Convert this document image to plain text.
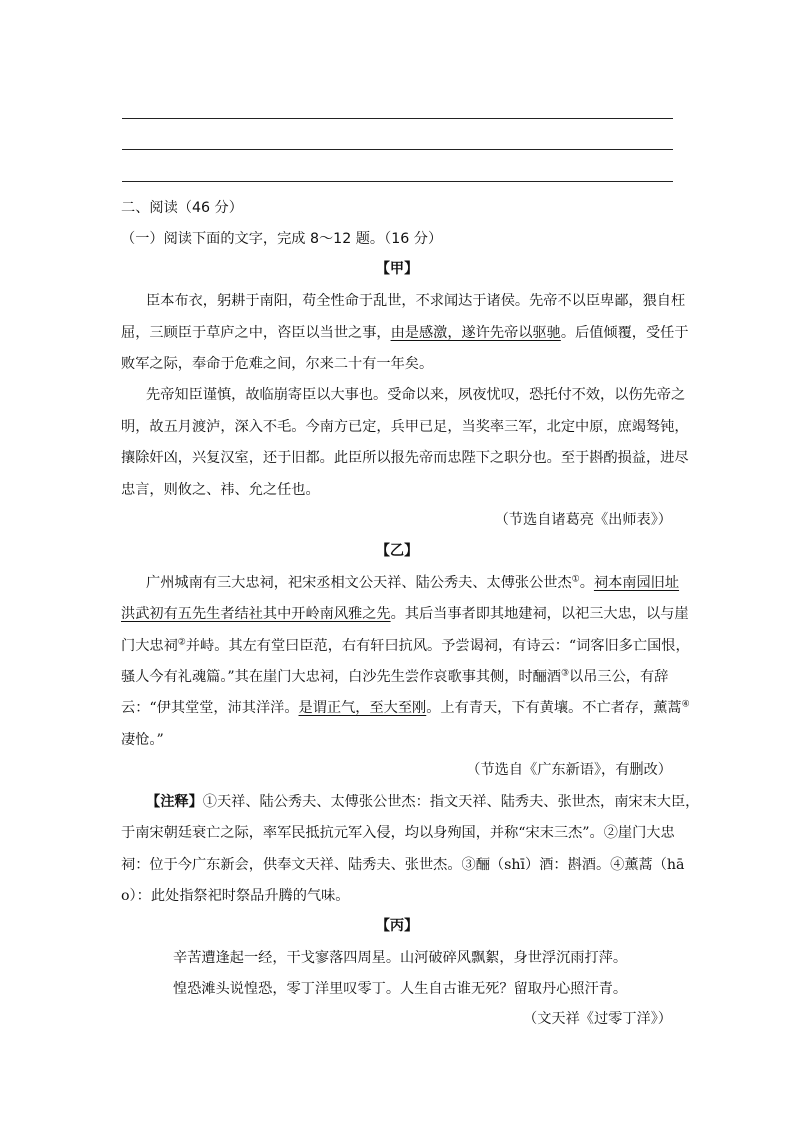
二、阅读（46 分）
（一）阅读下面的文字，完成 8～12 题。（16 分）
【甲】
臣本布衣，躬耕于南阳，苟全性命于乱世，不求闻达于诸侯。先帝不以臣卑鄙，猥自枉
屈，三顾臣于草庐之中，咨臣以当世之事，由是感激，遂许先帝以驱驰。后值倾覆，受任于
败军之际，奉命于危难之间，尔来二十有一年矣。
先帝知臣谨慎，故临崩寄臣以大事也。受命以来，夙夜忧叹，恐托付不效，以伤先帝之
明，故五月渡泸，深入不毛。今南方已定，兵甲已足，当奖率三军，北定中原，庶竭驽钝，
攘除奸凶，兴复汉室，还于旧都。此臣所以报先帝而忠陛下之职分也。至于斟酌损益，进尽
忠言，则攸之、祎、允之任也。
（节选自诸葛亮《出师表》）
【乙】
广州城南有三大忠祠，祀宋丞相文公天祥、陆公秀夫、太傅张公世杰①。祠本南园旧址
洪武初有五先生者结社其中开岭南风雅之先。其后当事者即其地建祠，以祀三大忠，以与崖
门大忠祠②并峙。其左有堂曰臣范，右有轩曰抗风。予尝谒祠，有诗云：“词客旧多亡国恨，
骚人今有礼魂篇。”其在崖门大忠祠，白沙先生尝作哀歌事其侧，时酾酒③以吊三公，有辞
云：“伊其堂堂，沛其洋洋。是谓正气，至大至刚。上有青天，下有黄壤。不亡者存，薰蒿④
凄怆。”
（节选自《广东新语》，有删改）
【注释】①天祥、陆公秀夫、太傅张公世杰：指文天祥、陆秀夫、张世杰，南宋末大臣，
于南宋朝廷衰亡之际，率军民抵抗元军入侵，均以身殉国，并称“宋末三杰”。②崖门大忠
祠：位于今广东新会，供奉文天祥、陆秀夫、张世杰。③酾（shī）酒：斟酒。④薰蒿（hā
o）：此处指祭祀时祭品升腾的气味。
【丙】
辛苦遭逢起一经，干戈寥落四周星。山河破碎风飘絮，身世浮沉雨打萍。
惶恐滩头说惶恐，零丁洋里叹零丁。人生自古谁无死？留取丹心照汗青。
（文天祥《过零丁洋》）
